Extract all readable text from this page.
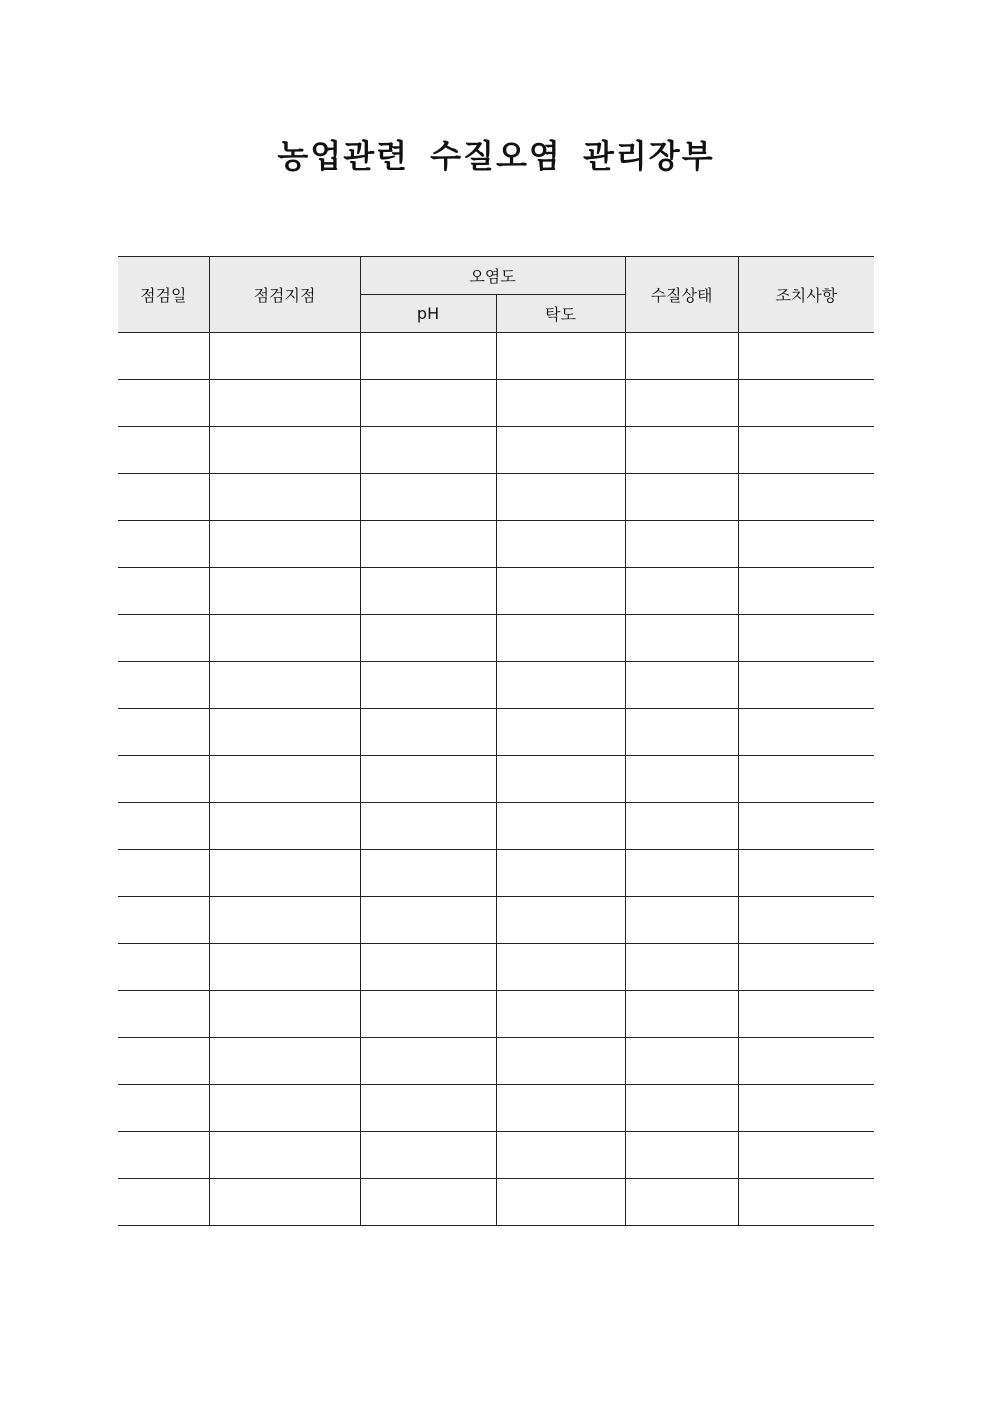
농업관련 수질오염 관리장부
점검일	점검지점	오염도		수질상태	조치사항
		pH	탁도		
